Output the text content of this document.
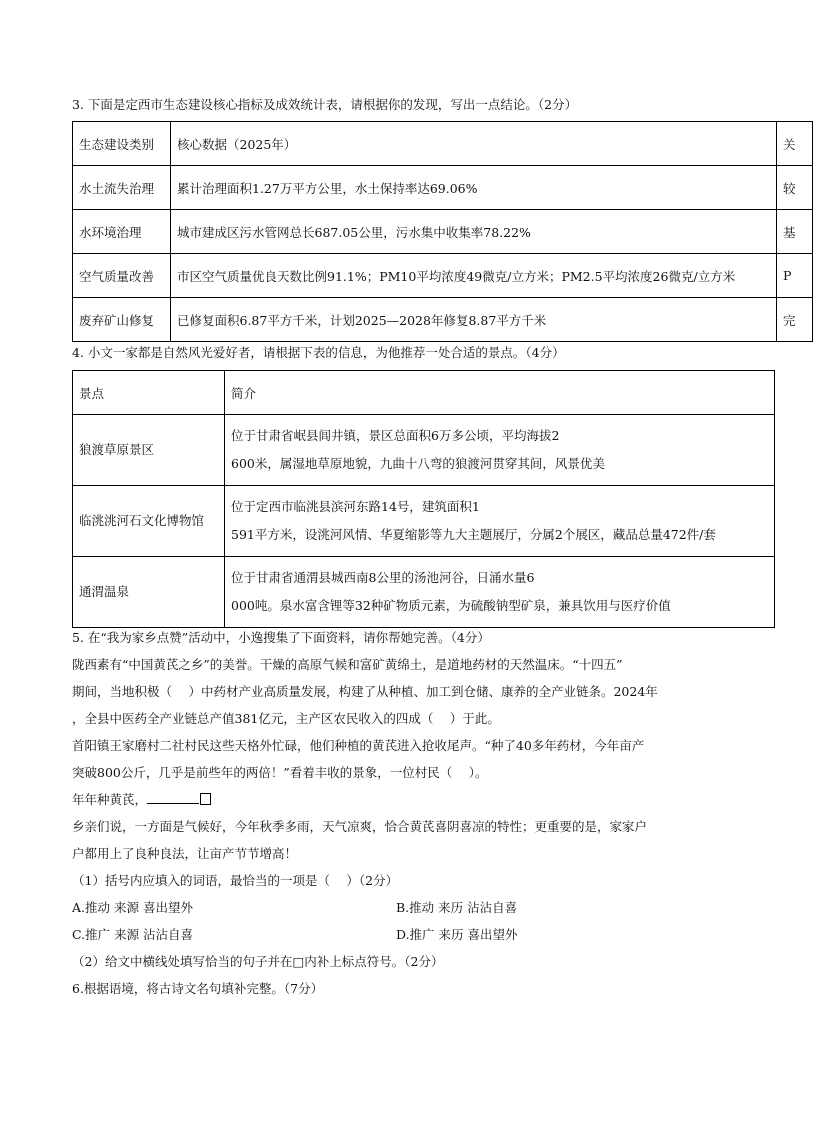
3. 下面是定西市生态建设核心指标及成效统计表，请根据你的发现，写出一点结论。（2分）
生态建设类别	核心数据（2025年）	关
水土流失治理	累计治理面积1.27万平方公里，水土保持率达69.06%	较
水环境治理	城市建成区污水管网总长687.05公里，污水集中收集率78.22%	基
空气质量改善	市区空气质量优良天数比例91.1%；PM10平均浓度49微克/立方米；PM2.5平均浓度26微克/立方米	P
废弃矿山修复	已修复面积6.87平方千米，计划2025—2028年修复8.87平方千米	完
4. 小文一家都是自然风光爱好者，请根据下表的信息，为他推荐一处合适的景点。（4分）
景点	简介
狼渡草原景区	位于甘肃省岷县闾井镇，景区总面积6万多公顷，平均海拔2
600米，属湿地草原地貌，九曲十八弯的狼渡河贯穿其间，风景优美

临洮洮河石文化博物馆	位于定西市临洮县滨河东路14号，建筑面积1
591平方米，设洮河风情、华夏缩影等九大主题展厅，分属2个展区，藏品总量472件/套

通渭温泉	位于甘肃省通渭县城西南8公里的汤池河谷，日涌水量6
000吨。泉水富含锂等32种矿物质元素，为硫酸钠型矿泉，兼具饮用与医疗价值
5. 在“我为家乡点赞”活动中，小逸搜集了下面资料，请你帮她完善。（4分）
陇西素有“中国黄芪之乡”的美誉。干燥的高原气候和富矿黄绵土，是道地药材的天然温床。“十四五”
期间，当地积极（　 ）中药材产业高质量发展，构建了从种植、加工到仓储、康养的全产业链条。2024年
，全县中医药全产业链总产值381亿元，主产区农民收入的四成（　 ）于此。
首阳镇王家磨村二社村民这些天格外忙碌，他们种植的黄芪进入抢收尾声。“种了40多年药材，今年亩产
突破800公斤，几乎是前些年的两倍！”看着丰收的景象，一位村民（　 ）。
年年种黄芪，
乡亲们说，一方面是气候好，今年秋季多雨，天气凉爽，恰合黄芪喜阴喜凉的特性；更重要的是，家家户
户都用上了良种良法，让亩产节节增高！
（1）括号内应填入的词语，最恰当的一项是（　 ）（2分）
A.推动 来源 喜出望外	B.推动 来历 沾沾自喜
C.推广 来源 沾沾自喜	D.推广 来历 喜出望外
（2）给文中横线处填写恰当的句子并在□内补上标点符号。（2分）
6.根据语境，将古诗文名句填补完整。（7分）
